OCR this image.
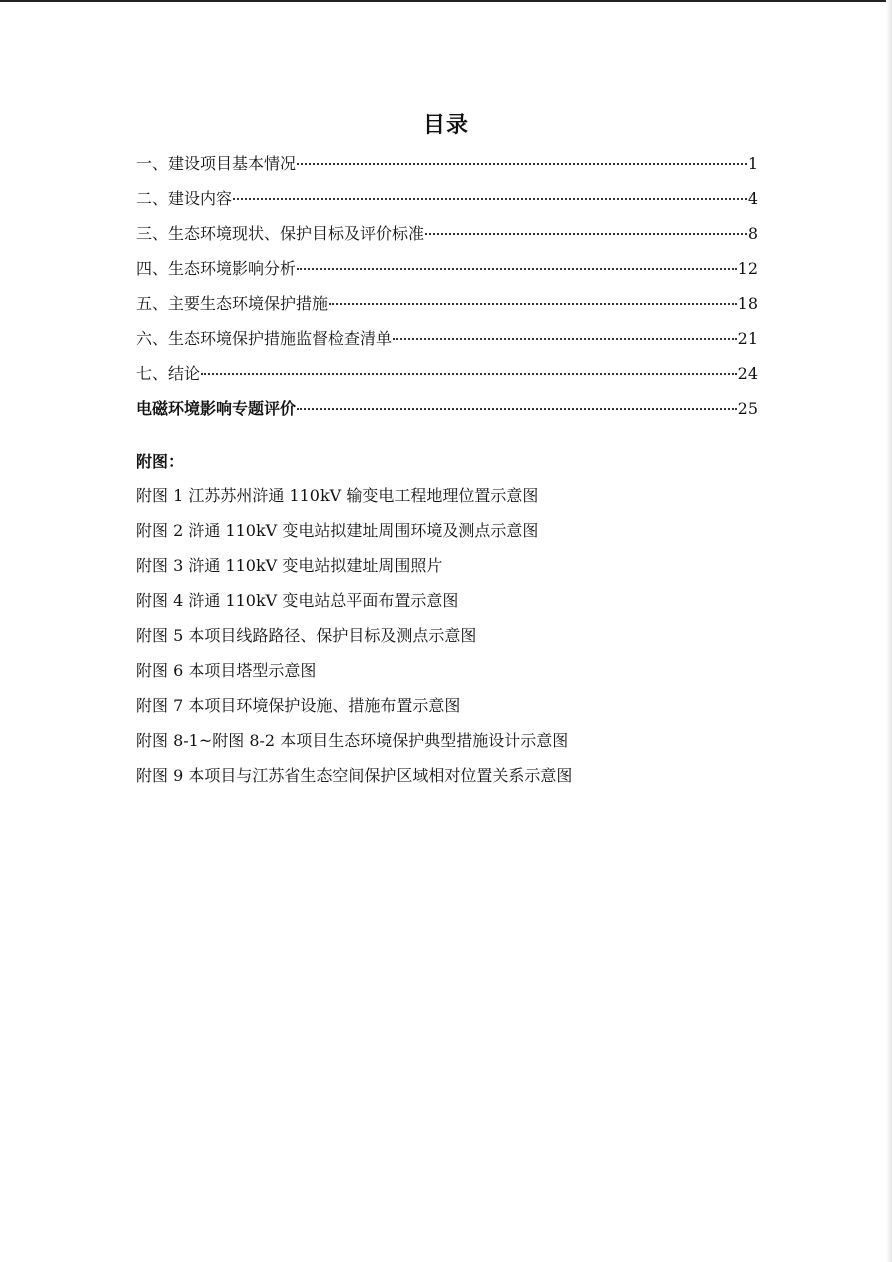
目录
一、建设项目基本情况	1
二、建设内容	4
三、生态环境现状、保护目标及评价标准	8
四、生态环境影响分析	12
五、主要生态环境保护措施	18
六、生态环境保护措施监督检查清单	21
七、结论	24
电磁环境影响专题评价	25
附图：
附图 1 江苏苏州浒通 110kV 输变电工程地理位置示意图
附图 2 浒通 110kV 变电站拟建址周围环境及测点示意图
附图 3 浒通 110kV 变电站拟建址周围照片
附图 4 浒通 110kV 变电站总平面布置示意图
附图 5 本项目线路路径、保护目标及测点示意图
附图 6 本项目塔型示意图
附图 7 本项目环境保护设施、措施布置示意图
附图 8-1~附图 8-2 本项目生态环境保护典型措施设计示意图
附图 9 本项目与江苏省生态空间保护区域相对位置关系示意图
